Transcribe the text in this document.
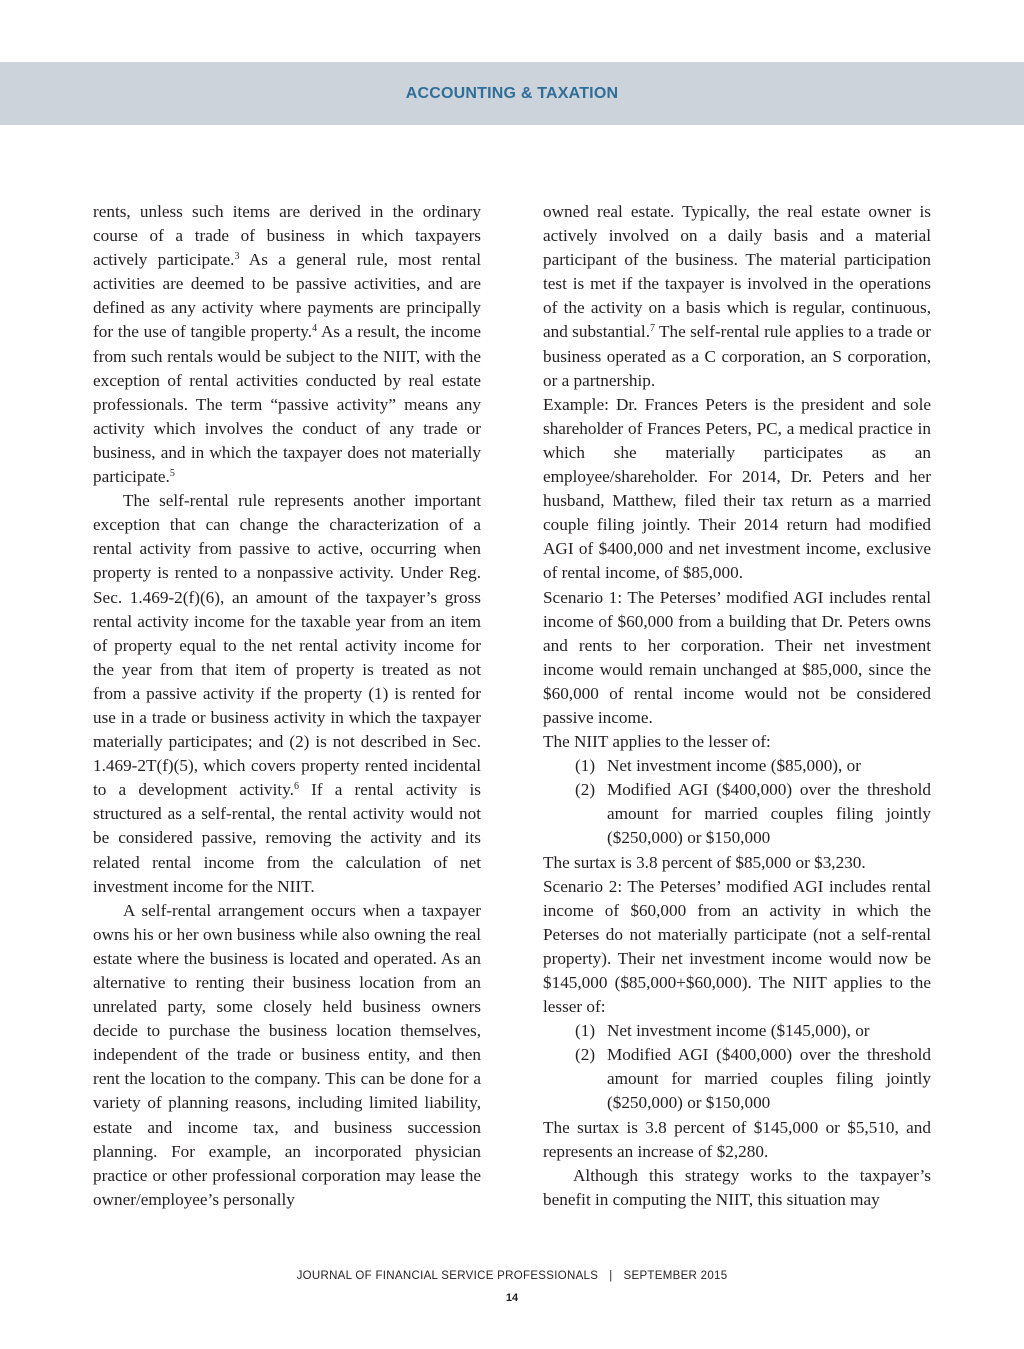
ACCOUNTING & TAXATION

rents, unless such items are derived in the ordinary course of a trade of business in which taxpayers actively participate.$^3$ As a general rule, most rental activities are deemed to be passive activities, and are defined as any activity where payments are principally for the use of tangible property.$^4$ As a result, the income from such rentals would be subject to the NIIT, with the exception of rental activities conducted by real estate professionals. The term “passive activity” means any activity which involves the conduct of any trade or business, and in which the taxpayer does not materially participate.$^5$

The self-rental rule represents another important exception that can change the characterization of a rental activity from passive to active, occurring when property is rented to a nonpassive activity. Under Reg. Sec. 1.469-2(f)(6), an amount of the taxpayer’s gross rental activity income for the taxable year from an item of property equal to the net rental activity income for the year from that item of property is treated as not from a passive activity if the property (1) is rented for use in a trade or business activity in which the taxpayer materially participates; and (2) is not described in Sec. 1.469-2T(f)(5), which covers property rented incidental to a development activity.$^6$ If a rental activity is structured as a self-rental, the rental activity would not be considered passive, removing the activity and its related rental income from the calculation of net investment income for the NIIT.

A self-rental arrangement occurs when a taxpayer owns his or her own business while also owning the real estate where the business is located and operated. As an alternative to renting their business location from an unrelated party, some closely held business owners decide to purchase the business location themselves, independent of the trade or business entity, and then rent the location to the company. This can be done for a variety of planning reasons, including limited liability, estate and income tax, and business succession planning. For example, an incorporated physician practice or other professional corporation may lease the owner/employee’s personally

owned real estate. Typically, the real estate owner is actively involved on a daily basis and a material participant of the business. The material participation test is met if the taxpayer is involved in the operations of the activity on a basis which is regular, continuous, and substantial.$^7$ The self-rental rule applies to a trade or business operated as a C corporation, an S corporation, or a partnership.

Example: Dr. Frances Peters is the president and sole shareholder of Frances Peters, PC, a medical practice in which she materially participates as an employee/shareholder. For 2014, Dr. Peters and her husband, Matthew, filed their tax return as a married couple filing jointly. Their 2014 return had modified AGI of $400,000 and net investment income, exclusive of rental income, of $85,000.

Scenario 1: The Peterses’ modified AGI includes rental income of $60,000 from a building that Dr. Peters owns and rents to her corporation. Their net investment income would remain unchanged at $85,000, since the $60,000 of rental income would not be considered passive income.

The NIIT applies to the lesser of:

(1) Net investment income ($85,000), or
(2) Modified AGI ($400,000) over the threshold amount for married couples filing jointly ($250,000) or $150,000

The surtax is 3.8 percent of $85,000 or $3,230.

Scenario 2: The Peterses’ modified AGI includes rental income of $60,000 from an activity in which the Peterses do not materially participate (not a self-rental property). Their net investment income would now be $145,000 ($85,000+$60,000). The NIIT applies to the lesser of:

(1) Net investment income ($145,000), or
(2) Modified AGI ($400,000) over the threshold amount for married couples filing jointly ($250,000) or $150,000

The surtax is 3.8 percent of $145,000 or $5,510, and represents an increase of $2,280.

Although this strategy works to the taxpayer’s benefit in computing the NIIT, this situation may

JOURNAL OF FINANCIAL SERVICE PROFESSIONALS | SEPTEMBER 2015
14
